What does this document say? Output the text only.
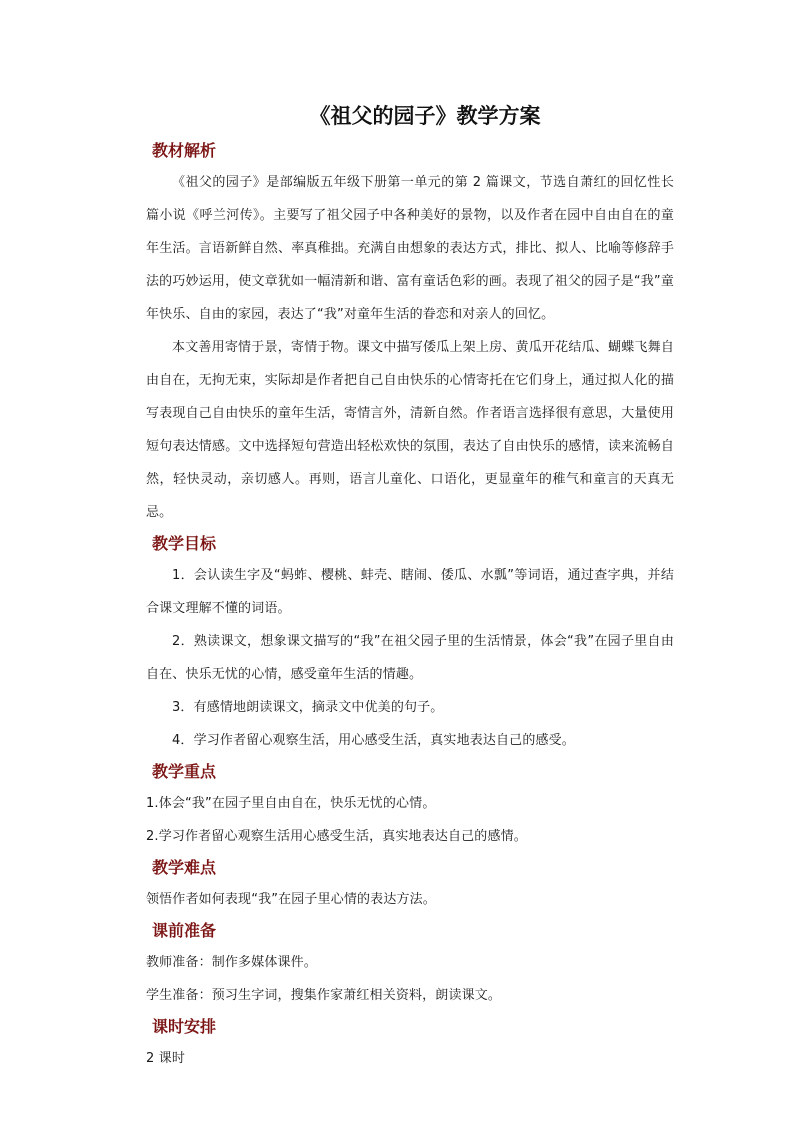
《祖父的园子》教学方案
教材解析

《祖父的园子》是部编版五年级下册第一单元的第 2 篇课文，节选自萧红的回忆性长篇小说《呼兰河传》。主要写了祖父园子中各种美好的景物，以及作者在园中自由自在的童年生活。言语新鲜自然、率真稚拙。充满自由想象的表达方式，排比、拟人、比喻等修辞手法的巧妙运用，使文章犹如一幅清新和谐、富有童话色彩的画。表现了祖父的园子是“我”童年快乐、自由的家园，表达了“我”对童年生活的眷恋和对亲人的回忆。

本文善用寄情于景，寄情于物。课文中描写倭瓜上架上房、黄瓜开花结瓜、蝴蝶飞舞自由自在，无拘无束，实际却是作者把自己自由快乐的心情寄托在它们身上，通过拟人化的描写表现自己自由快乐的童年生活，寄情言外，清新自然。作者语言选择很有意思，大量使用短句表达情感。文中选择短句营造出轻松欢快的氛围，表达了自由快乐的感情，读来流畅自然，轻快灵动，亲切感人。再则，语言儿童化、口语化，更显童年的稚气和童言的天真无忌。

教学目标

1．会认读生字及“蚂蚱、樱桃、蚌壳、瞎闹、倭瓜、水瓢”等词语，通过查字典，并结合课文理解不懂的词语。

2．熟读课文，想象课文描写的“我”在祖父园子里的生活情景，体会“我”在园子里自由自在、快乐无忧的心情，感受童年生活的情趣。

3．有感情地朗读课文，摘录文中优美的句子。

4．学习作者留心观察生活，用心感受生活，真实地表达自己的感受。

教学重点

1.体会“我”在园子里自由自在，快乐无忧的心情。

2.学习作者留心观察生活用心感受生活，真实地表达自己的感情。

教学难点

领悟作者如何表现“我”在园子里心情的表达方法。

课前准备

教师准备：制作多媒体课件。

学生准备：预习生字词，搜集作家萧红相关资料，朗读课文。

课时安排

2 课时
